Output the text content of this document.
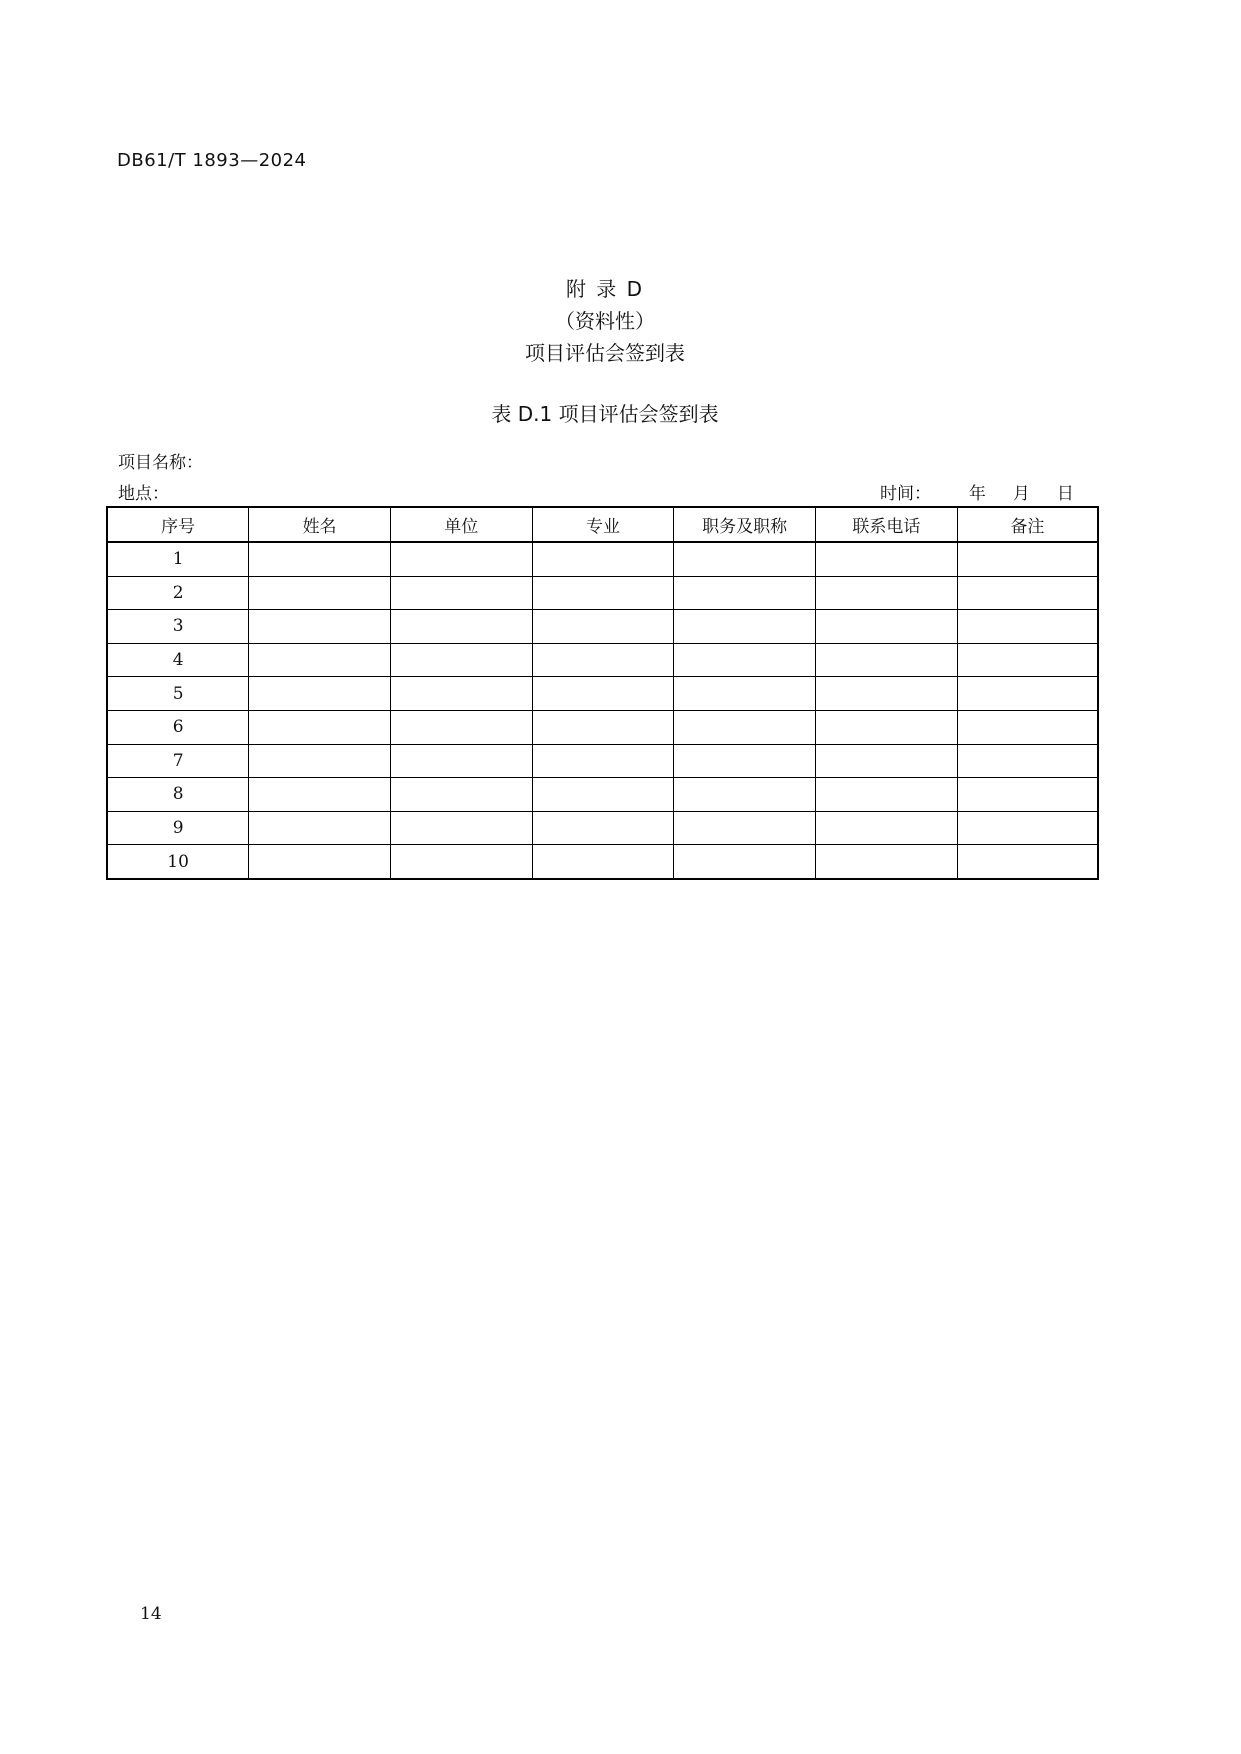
DB61/T 1893—2024
附 录 D
（资料性）
项目评估会签到表
表 D.1 项目评估会签到表
项目名称：
地点：	时间：       年     月     日
序号	姓名	单位	专业	职务及职称	联系电话	备注
1						
2						
3						
4						
5						
6						
7						
8						
9						
10						
14
